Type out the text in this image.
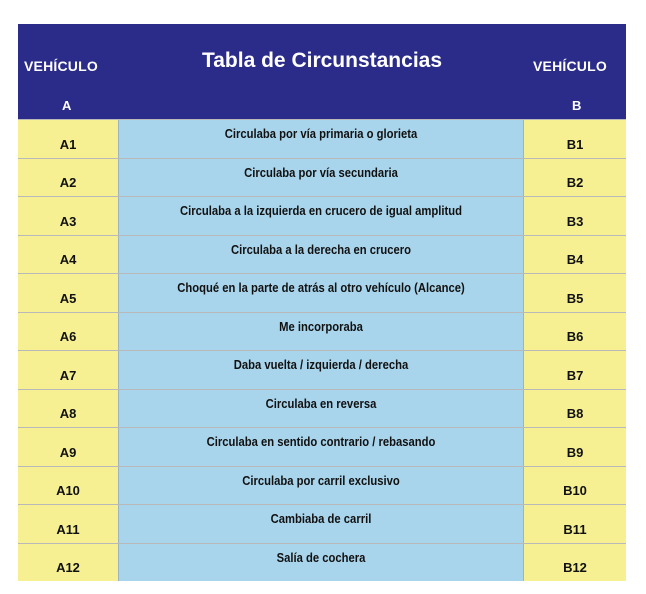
VEHÍCULO
A
Tabla de Circunstancias	VEHÍCULO
B
A1
Circulaba por vía primaria o glorieta
B1
A2
Circulaba por vía secundaria
B2
A3
Circulaba a la izquierda en crucero de igual amplitud
B3
A4
Circulaba a la derecha en crucero
B4
A5
Choqué en la parte de atrás al otro vehículo (Alcance)
B5
A6
Me incorporaba
B6
A7
Daba vuelta / izquierda / derecha
B7
A8
Circulaba en reversa
B8
A9
Circulaba en sentido contrario / rebasando
B9
A10
Circulaba por carril exclusivo
B10
A11
Cambiaba de carril
B11
A12
Salía de cochera
B12
